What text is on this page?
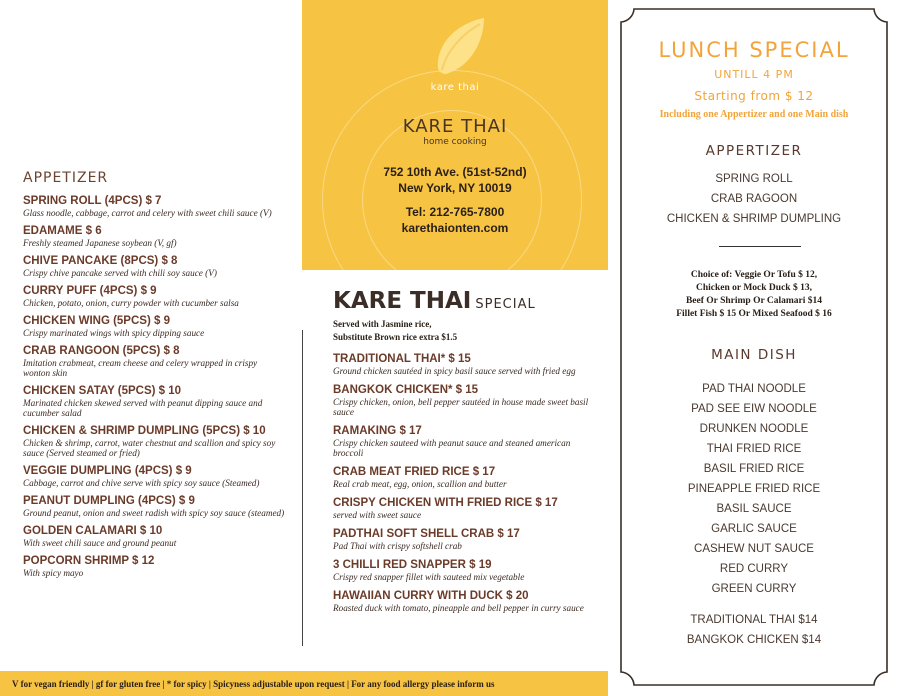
APPETIZER
SPRING ROLL (4PCS) $ 7
Glass noodle, cabbage, carrot and celery with sweet chili sauce (V)
EDAMAME $ 6
Freshly steamed Japanese soybean (V, gf)
CHIVE PANCAKE (8PCS) $ 8
Crispy chive pancake served with chili soy sauce (V)
CURRY PUFF (4PCS) $ 9
Chicken, potato, onion, curry powder with cucumber salsa
CHICKEN WING (5PCS) $ 9
Crispy marinated wings with spicy dipping sauce
CRAB RANGOON (5PCS) $ 8
Imitation crabmeat, cream cheese and celery wrapped in crispy wonton skin
CHICKEN SATAY (5PCS) $ 10
Marinated chicken skewed served with peanut dipping sauce and cucumber salad
CHICKEN & SHRIMP DUMPLING (5PCS) $ 10
Chicken & shrimp, carrot, water chestnut and scallion and spicy soy sauce (Served steamed or fried)
VEGGIE DUMPLING (4PCS) $ 9
Cabbage, carrot and chive serve with spicy soy sauce (Steamed)
PEANUT DUMPLING (4PCS) $ 9
Ground peanut, onion and sweet radish with spicy soy sauce (steamed)
GOLDEN CALAMARI $ 10
With sweet chili sauce and ground peanut
POPCORN SHRIMP $ 12
With spicy mayo
kare thai
KARE THAI
home cooking
752 10th Ave. (51st-52nd)
New York, NY 10019
Tel: 212-765-7800
karethaionten.com
KARE THAI SPECIAL
Served with Jasmine rice,
Substitute Brown rice extra $1.5
TRADITIONAL THAI* $ 15
Ground chicken sautéed in spicy basil sauce served with fried egg
BANGKOK CHICKEN* $ 15
Crispy chicken, onion, bell pepper sautéed in house made sweet basil sauce
RAMAKING $ 17
Crispy chicken sauteed with peanut sauce and steaned american broccoli
CRAB MEAT FRIED RICE $ 17
Real crab meat, egg, onion, scallion and butter
CRISPY CHICKEN WITH FRIED RICE $ 17
served with sweet sauce
PADTHAI SOFT SHELL CRAB $ 17
Pad Thai with crispy softshell crab
3 CHILLI RED SNAPPER $ 19
Crispy red snapper fillet with sauteed mix vegetable
HAWAIIAN CURRY WITH DUCK $ 20
Roasted duck with tomato, pineapple and bell pepper in curry sauce
V for vegan friendly | gf for gluten free | * for spicy | Spicyness adjustable upon request | For any food allergy please inform us
LUNCH SPECIAL
UNTILL 4 PM
Starting from $ 12
Including one Appertizer and one Main dish
APPERTIZER
SPRING ROLL
CRAB RAGOON
CHICKEN & SHRIMP DUMPLING
Choice of: Veggie Or Tofu $ 12,
Chicken or Mock Duck $ 13,
Beef Or Shrimp Or Calamari $14
Fillet Fish $ 15 Or Mixed Seafood $ 16
MAIN DISH
PAD THAI NOODLE
PAD SEE EIW NOODLE
DRUNKEN NOODLE
THAI FRIED RICE
BASIL FRIED RICE
PINEAPPLE FRIED RICE
BASIL SAUCE
GARLIC SAUCE
CASHEW NUT SAUCE
RED CURRY
GREEN CURRY
TRADITIONAL THAI $14
BANGKOK CHICKEN $14
